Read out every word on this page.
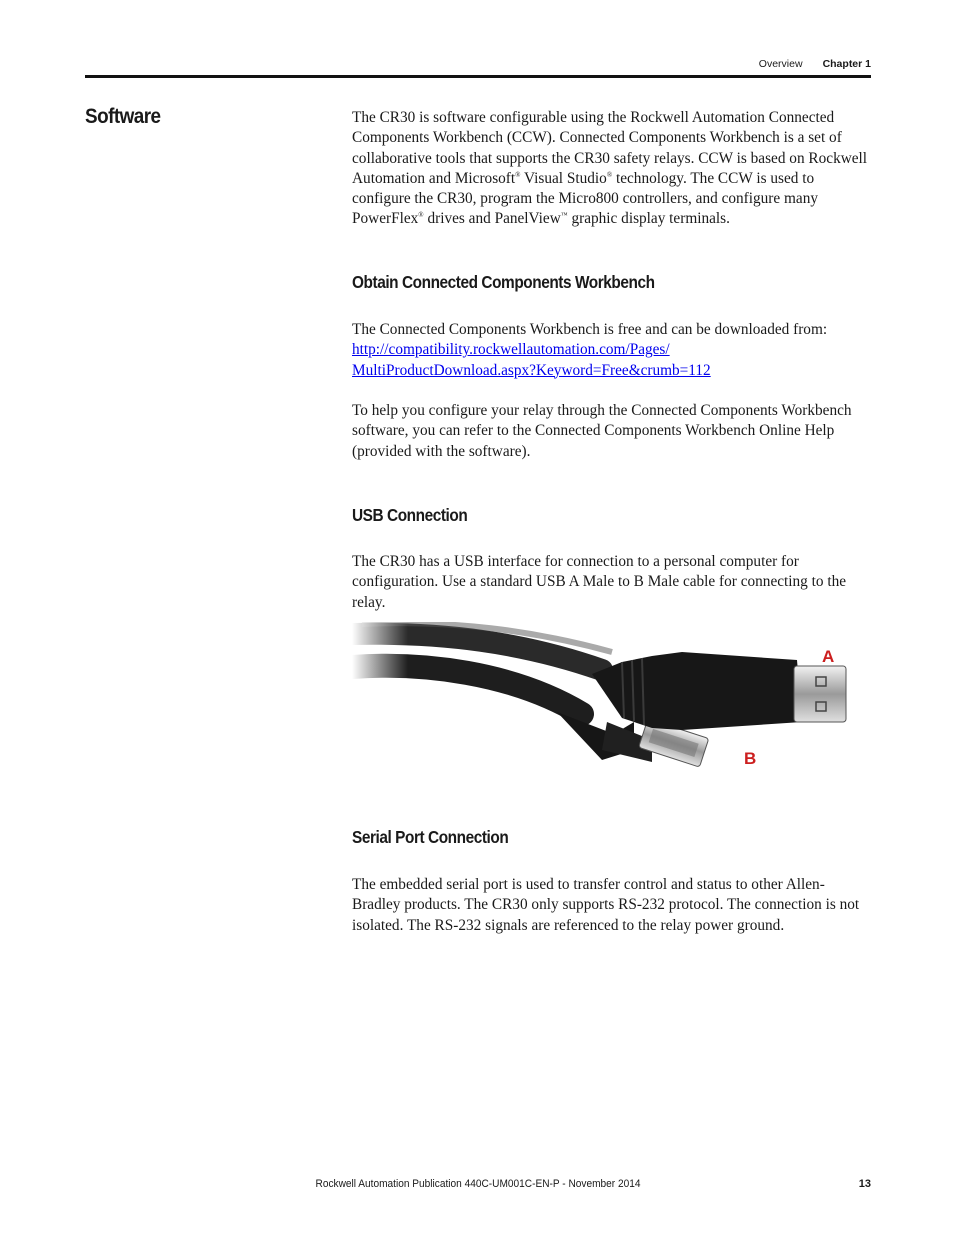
Overview Chapter 1
Software	The CR30 is software configurable using the Rockwell Automation Connected Components Workbench (CCW). Connected Components Workbench is a set of collaborative tools that supports the CR30 safety relays. CCW is based on Rockwell Automation and Microsoft® Visual Studio® technology. The CCW is used to configure the CR30, program the Micro800 controllers, and configure many PowerFlex® drives and PanelView™ graphic display terminals.

Obtain Connected Components Workbench
The Connected Components Workbench is free and can be downloaded from:
http://compatibility.rockwellautomation.com/Pages/
MultiProductDownload.aspx?Keyword=Free&crumb=112

To help you configure your relay through the Connected Components Workbench software, you can refer to the Connected Components Workbench Online Help (provided with the software).

USB Connection

The CR30 has a USB interface for connection to a personal computer for configuration. Use a standard USB A Male to B Male cable for connecting to the relay.

A
B
Serial Port Connection

The embedded serial port is used to transfer control and status to other Allen-Bradley products. The CR30 only supports RS-232 protocol. The connection is not isolated. The RS-232 signals are referenced to the relay power ground.

Rockwell Automation Publication 440C-UM001C-EN-P - November 2014	13
